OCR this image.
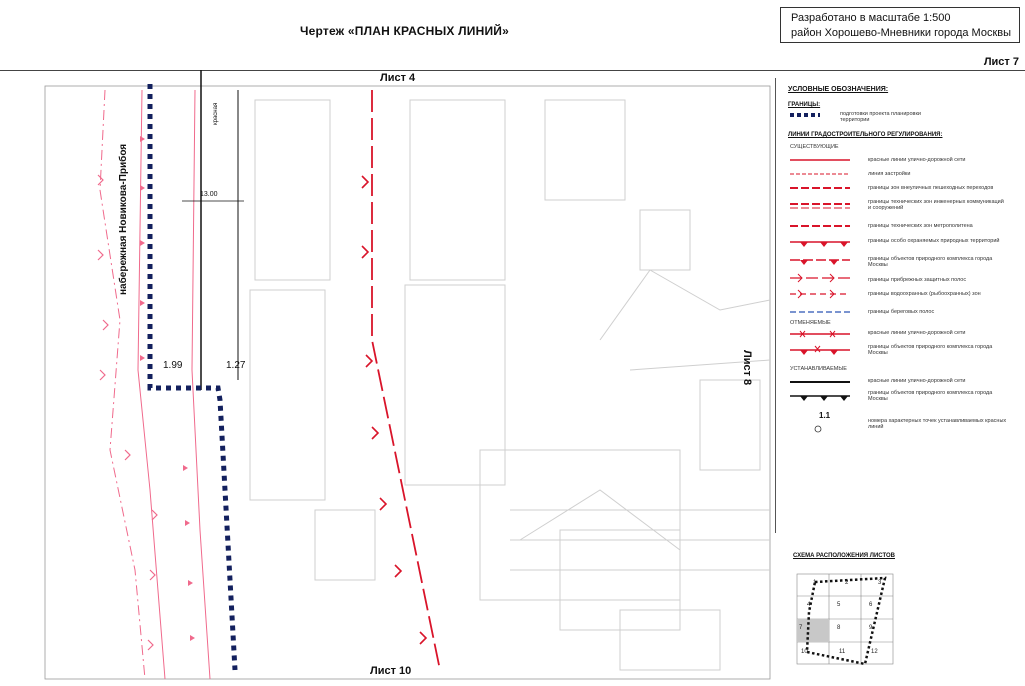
Чертеж «ПЛАН КРАСНЫХ ЛИНИЙ»
Разработано в масштабе 1:500
район Хорошево-Мневники города Москвы
Лист 7
Лист 4
Лист 10
Лист 8
набережная Новикова-Прибоя	13.00
1.99	1.27
красная
УСЛОВНЫЕ ОБОЗНАЧЕНИЯ:
ГРАНИЦЫ:
подготовки проекта планировки территории
ЛИНИИ ГРАДОСТРОИТЕЛЬНОГО РЕГУЛИРОВАНИЯ:
СУЩЕСТВУЮЩИЕ
красные линии улично-дорожной сети
линия застройки
границы зон внеуличных пешеходных переходов
границы технических зон инженерных коммуникаций и сооружений
границы технических зон метрополитена
границы особо охраняемых природных территорий
границы объектов природного комплекса города Москвы
границы прибрежных защитных полос
границы водоохранных (рыбоохранных) зон
границы береговых полос
ОТМЕНЯЕМЫЕ
красные линии улично-дорожной сети
границы объектов природного комплекса города Москвы
УСТАНАВЛИВАЕМЫЕ
красные линии улично-дорожной сети
границы объектов природного комплекса города Москвы
1.1
номера характерных точек устанавливаемых красных линий
СХЕМА РАСПОЛОЖЕНИЯ ЛИСТОВ
1	2	3
4	5	6
7	8	9
10	11	12
